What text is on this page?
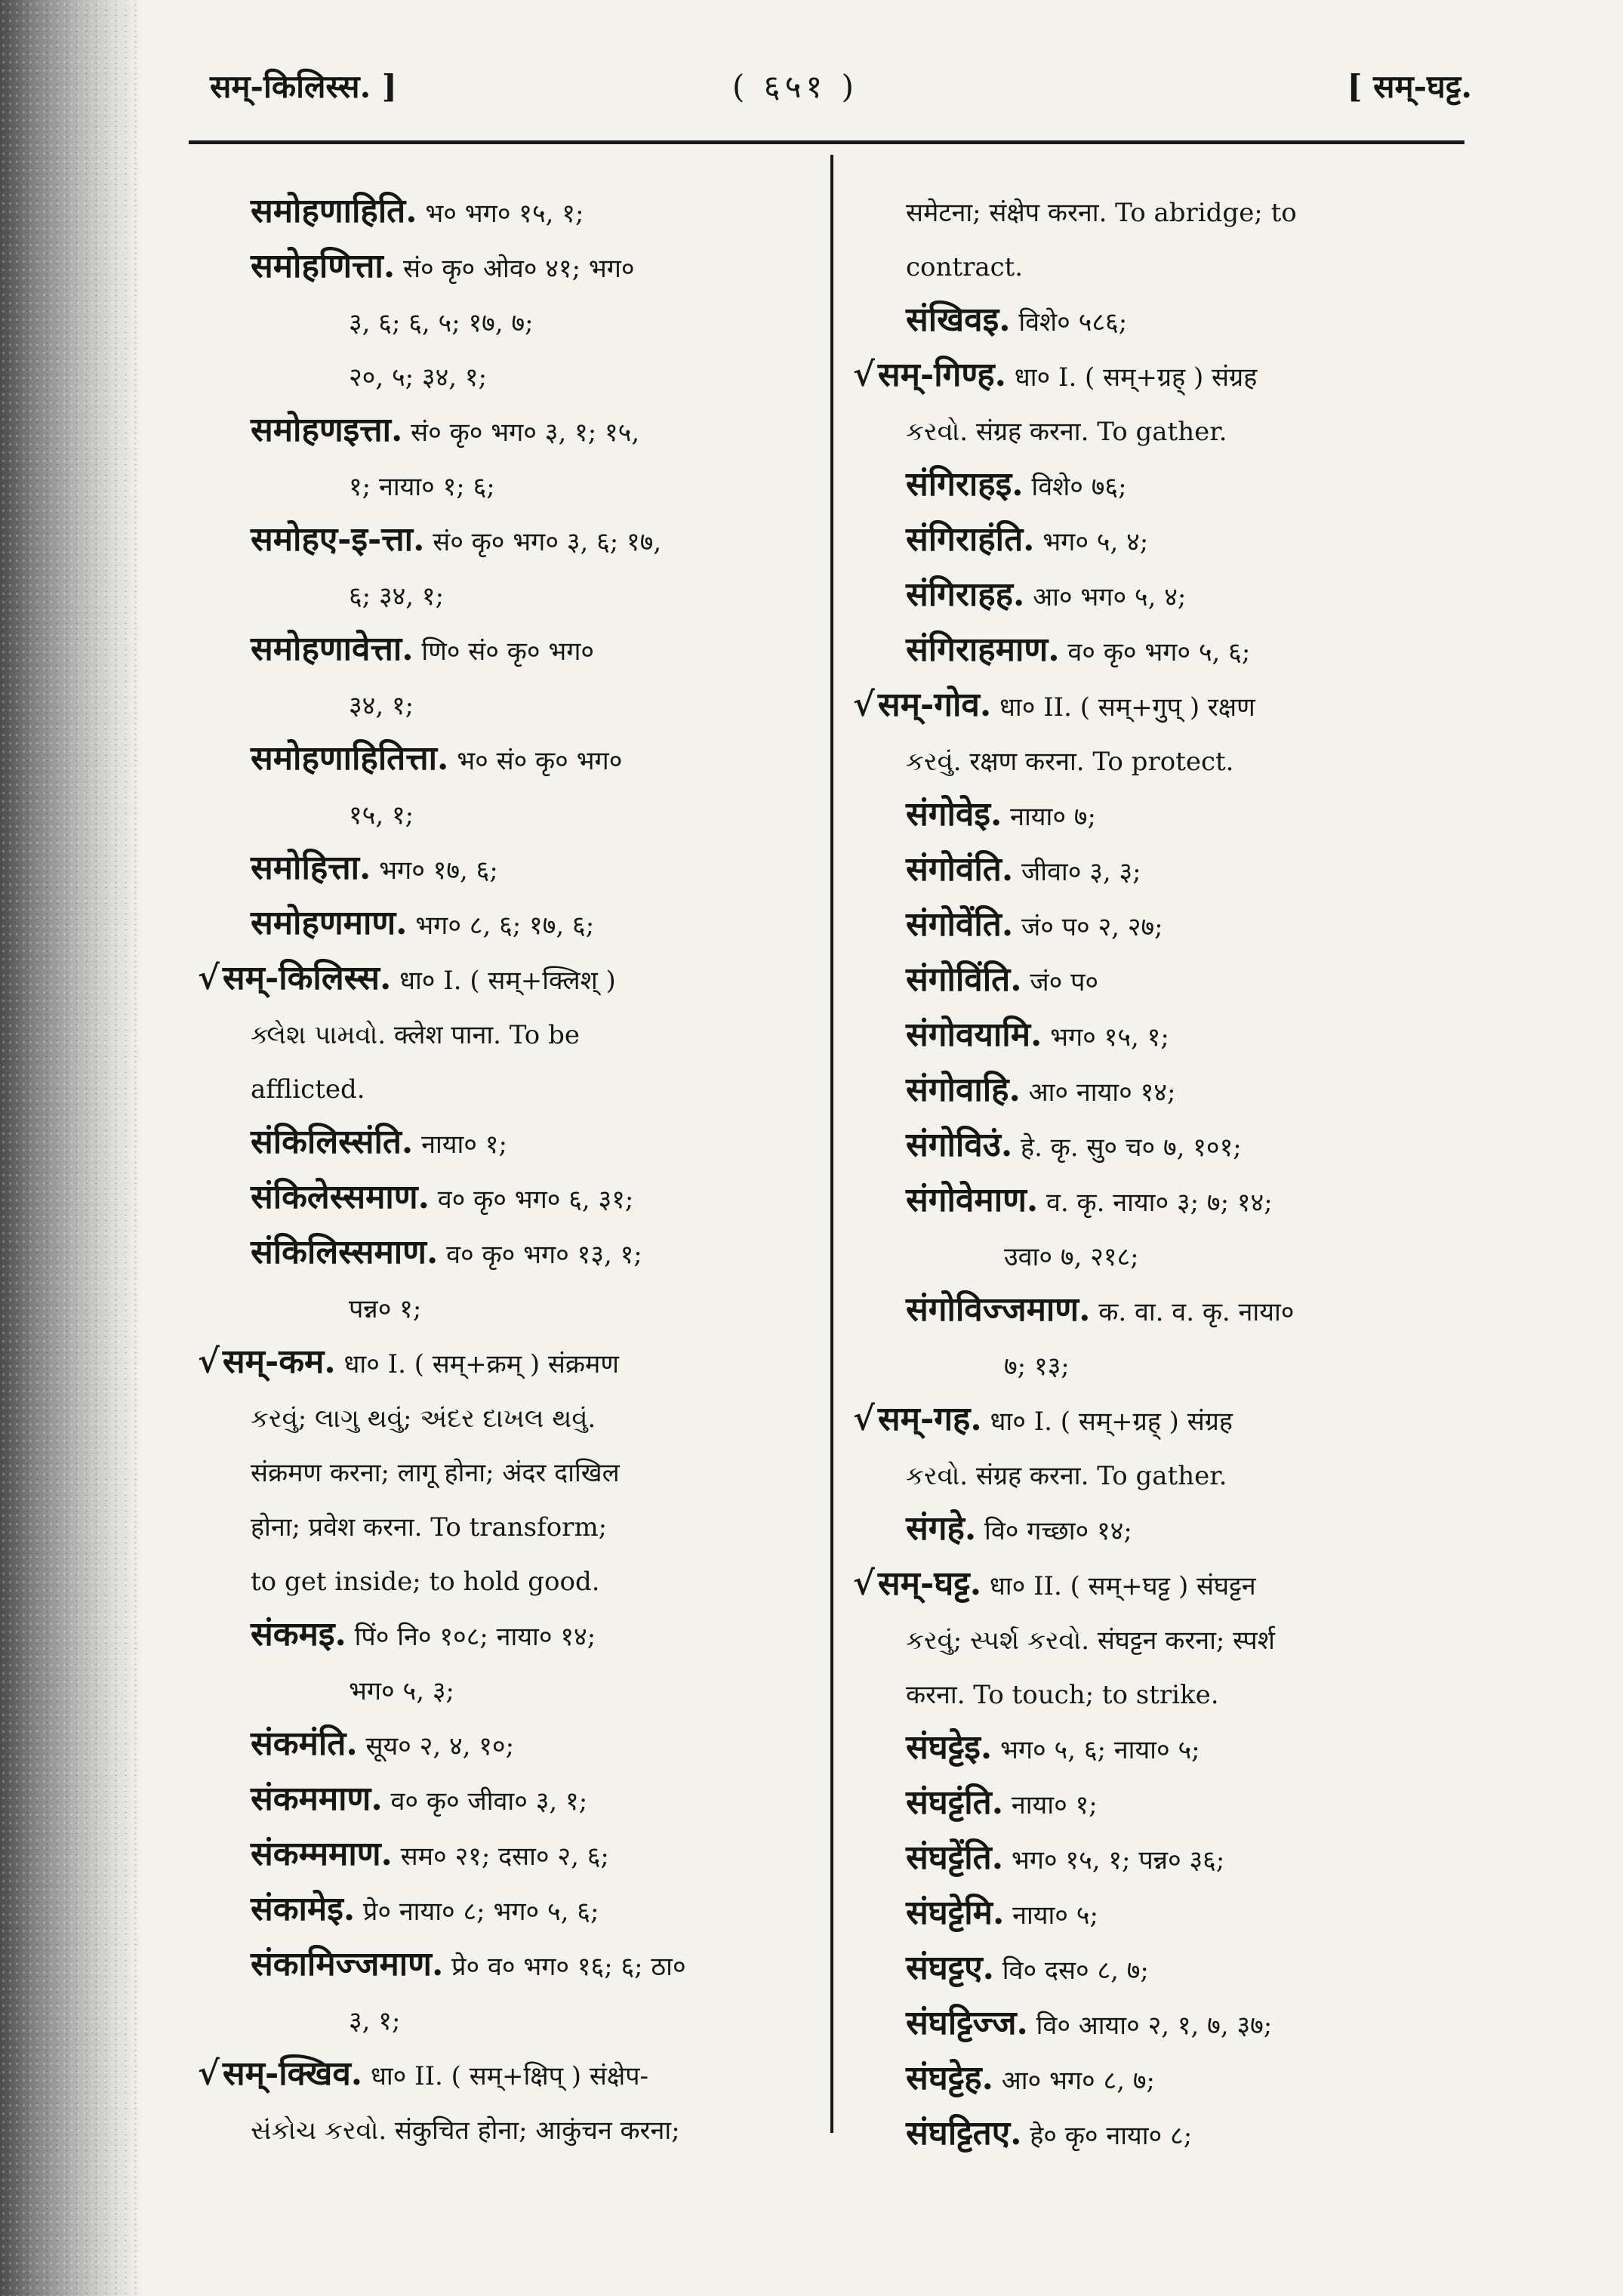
सम्-किलिस्स. ]	( ६५१ )	[ सम्-घट्ट.
समोहणाहिति. भ० भग० १५, १;
समोहणित्ता. सं० कृ० ओव० ४१; भग०
३, ६; ६, ५; १७, ७;
२०, ५; ३४, १;
समोहणइत्ता. सं० कृ० भग० ३, १; १५,
१; नाया० १; ६;
समोहए-इ-त्ता. सं० कृ० भग० ३, ६; १७,
६; ३४, १;
समोहणावेत्ता. णि० सं० कृ० भग०
३४, १;
समोहणाहितित्ता. भ० सं० कृ० भग०
१५, १;
समोहित्ता. भग० १७, ६;
समोहणमाण. भग० ८, ६; १७, ६;
√सम्-किलिस्स. धा० I. ( सम्+क्लिश् )
ક્લેશ પામવો. क्लेश पाना. To be
afflicted.
संकिलिस्संति. नाया० १;
संकिलेस्समाण. व० कृ० भग० ६, ३१;
संकिलिस्समाण. व० कृ० भग० १३, १;
पन्न० १;
√सम्-कम. धा० I. ( सम्+क्रम् ) संक्रमण
કરવું; લાગુ થવું; અંદર દાખલ થવું.
संक्रमण करना; लागू होना; अंदर दाखिल
होना; प्रवेश करना. To transform;
to get inside; to hold good.
संकमइ. पिं० नि० १०८; नाया० १४;
भग० ५, ३;
संकमंति. सूय० २, ४, १०;
संकममाण. व० कृ० जीवा० ३, १;
संकम्ममाण. सम० २१; दसा० २, ६;
संकामेइ. प्रे० नाया० ८; भग० ५, ६;
संकामिज्जमाण. प्रे० व० भग० १६; ६; ठा०
३, १;
√सम्-क्खिव. धा० II. ( सम्+क्षिप् ) संक्षेप-
સંકોચ કરવો. संकुचित होना; आकुंचन करना;
समेटना; संक्षेप करना. To abridge; to
contract.
संखिवइ. विशे० ५८६;
√सम्-गिण्ह. धा० I. ( सम्+ग्रह् ) संग्रह
કરવો. संग्रह करना. To gather.
संगिराहइ. विशे० ७६;
संगिराहंति. भग० ५, ४;
संगिराहह. आ० भग० ५, ४;
संगिराहमाण. व० कृ० भग० ५, ६;
√सम्-गोव. धा० II. ( सम्+गुप् ) रक्षण
કરવું. रक्षण करना. To protect.
संगोवेइ. नाया० ७;
संगोवंति. जीवा० ३, ३;
संगोवेंति. जं० प० २, २७;
संगोविंति. जं० प०
संगोवयामि. भग० १५, १;
संगोवाहि. आ० नाया० १४;
संगोविउं. हे. कृ. सु० च० ७, १०१;
संगोवेमाण. व. कृ. नाया० ३; ७; १४;
उवा० ७, २१८;
संगोविज्जमाण. क. वा. व. कृ. नाया०
७; १३;
√सम्-गह. धा० I. ( सम्+ग्रह् ) संग्रह
કરવો. संग्रह करना. To gather.
संगहे. वि० गच्छा० १४;
√सम्-घट्ट. धा० II. ( सम्+घट्ट ) संघट्टन
કરવું; સ્પર્શ કરવો. संघट्टन करना; स्पर्श
करना. To touch; to strike.
संघट्टेइ. भग० ५, ६; नाया० ५;
संघट्टंति. नाया० १;
संघट्टेंति. भग० १५, १; पन्न० ३६;
संघट्टेमि. नाया० ५;
संघट्टए. वि० दस० ८, ७;
संघट्टिज्ज. वि० आया० २, १, ७, ३७;
संघट्टेह. आ० भग० ८, ७;
संघट्टितए. हे० कृ० नाया० ८;
